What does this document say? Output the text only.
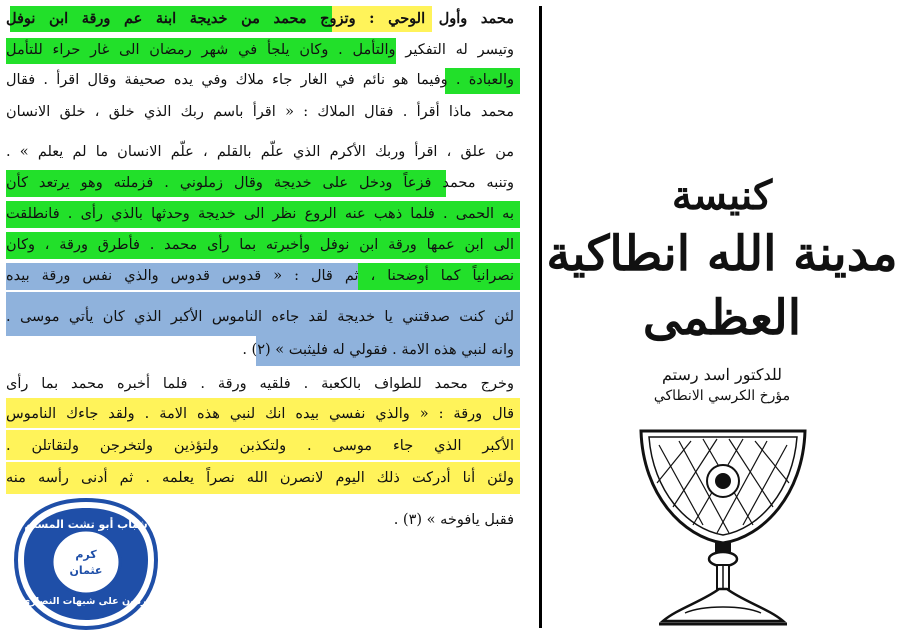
محمد وأول الوحي : وتزوج محمد من خديجة ابنة عم ورقة ابن نوفل
وتيسر له التفكير والتأمل . وكان يلجأ في شهر رمضان الى غار حراء للتأمل
والعبادة . وفيما هو نائم في الغار جاء ملاك وفي يده صحيفة وقال اقرأ . فقال
محمد ماذا أقرأ . فقال الملاك : « اقرأ باسم ربك الذي خلق ، خلق الانسان
من علق ، اقرأ وربك الأكرم الذي علّم بالقلم ، علّم الانسان ما لم يعلم » .
وتنبه محمد فزعاً ودخل على خديجة وقال زملوني . فزملته وهو يرتعد كأن
به الحمى . فلما ذهب عنه الروع نظر الى خديجة وحدثها بالذي رأى . فانطلقت
الى ابن عمها ورقة ابن نوفل وأخبرته بما رأى محمد . فأطرق ورقة ، وكان
نصرانياً كما أوضحنا ، ثم قال : « قدوس قدوس والذي نفس ورقة بيده
لئن كنت صدقتني يا خديجة لقد جاءه الناموس الأكبر الذي كان يأتي موسى .
وانه لنبي هذه الامة . فقولي له فليثبت » (٢) .
وخرج محمد للطواف بالكعبة . فلقيه ورقة . فلما أخبره محمد بما رأى
قال ورقة : « والذي نفسي بيده انك لنبي هذه الامة . ولقد جاءك الناموس
الأكبر الذي جاء موسى . ولتكذبن ولتؤذين ولتخرجن ولتقاتلن .
ولئن أنا أدركت ذلك اليوم لانصرن الله نصراً يعلمه . ثم أدنى رأسه منه
فقبل يافوخه » (٣) .
شباب أبو تشت المسلم
كرم
عثمان
يردون على شبهات النصارى
كنيسة
مدينة الله انطاكية العظمى
للدكتور اسد رستم
مؤرخ الكرسي الانطاكي
